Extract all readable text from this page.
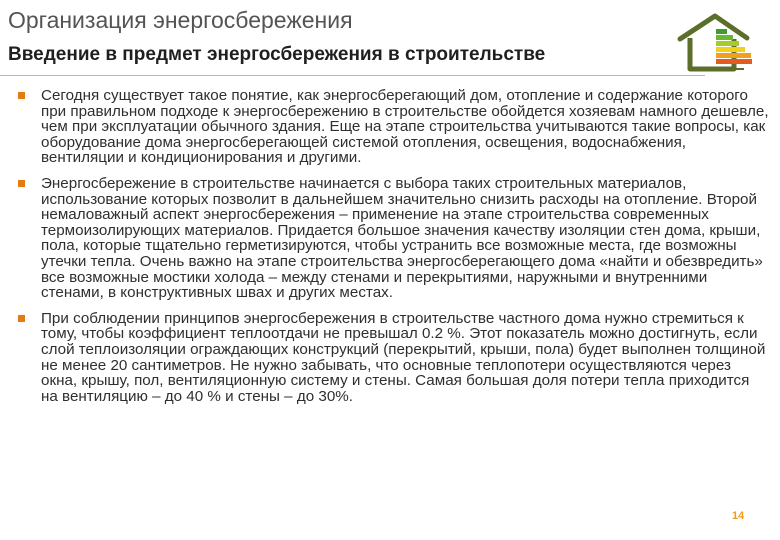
Организация энергосбережения
Введение в предмет энергосбережения в строительстве
Сегодня существует такое понятие, как энергосберегающий дом, отопление и содержание которого при правильном подходе к энергосбережению в строительстве обойдется хозяевам намного дешевле, чем при эксплуатации обычного здания. Еще на этапе строительства учитываются такие вопросы, как оборудование дома энергосберегающей системой отопления, освещения, водоснабжения, вентиляции и кондиционирования и другими.
Энергосбережение в строительстве начинается с выбора таких строительных материалов, использование которых позволит в дальнейшем значительно снизить расходы на отопление. Второй немаловажный аспект энергосбережения – применение на этапе строительства современных термоизолирующих материалов. Придается большое значения качеству изоляции стен дома, крыши, пола, которые тщательно герметизируются, чтобы устранить все возможные места, где возможны утечки тепла. Очень важно на этапе строительства энергосберегающего дома «найти и обезвредить» все возможные мостики холода – между стенами и перекрытиями, наружными и внутренними стенами, в конструктивных швах и других местах.
При соблюдении принципов энергосбережения в строительстве частного дома нужно стремиться к тому, чтобы коэффициент теплоотдачи не превышал 0.2 %. Этот показатель можно достигнуть, если слой теплоизоляции ограждающих конструкций (перекрытий, крыши, пола) будет выполнен толщиной не менее 20 сантиметров. Не нужно забывать, что основные теплопотери осуществляются через окна, крышу, пол, вентиляционную систему и стены. Самая большая доля потери тепла приходится на вентиляцию – до 40 % и стены – до 30%.
14
